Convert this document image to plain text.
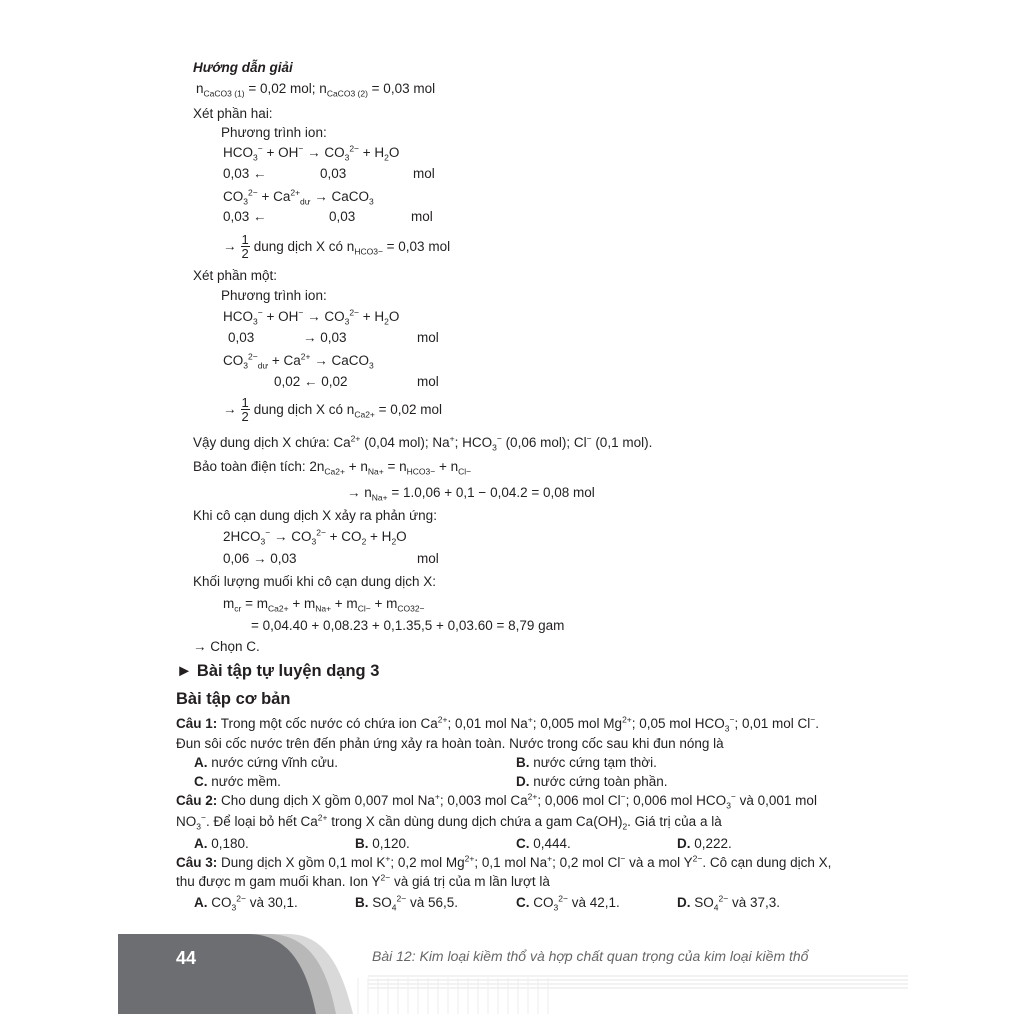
Hướng dẫn giải
$n_{CaCO3 (1)} = 0,02$ mol; $n_{CaCO3 (2)} = 0,03$ mol
Xét phần hai:
Phương trình ion:
$HCO_3^- + OH^- \to CO_3^{2-} + H_2O$
0,03 ←	0,03	mol
$CO_3^{2-} + Ca^{2+}_{dư}$ → CaCO$_3$
0,03 ←	0,03	mol
→ $\frac{1}{2}$ dung dịch X có $n_{HCO3-} = 0,03$ mol
Xét phần một:
Phương trình ion:
$HCO_3^- + OH^- \to CO_3^{2-} + H_2O$
0,03	→ 0,03	mol
$CO_3^{2-}_{dư} + Ca^{2+}$ → CaCO$_3$
0,02 ← 0,02	mol
→ $\frac{1}{2}$ dung dịch X có $n_{Ca2+} = 0,02$ mol
Vậy dung dịch X chứa: $Ca^{2+}$ (0,04 mol); Na+; $HCO_3^-$ (0,06 mol); Cl− (0,1 mol).
Bảo toàn điện tích: $2n_{Ca2+} + n_{Na+} = n_{HCO3-} + n_{Cl-}$
→ $n_{Na+} = 1.0,06 + 0,1 - 0,04.2 = 0,08$ mol
Khi cô cạn dung dịch X xảy ra phản ứng:
$2HCO_3^- \to CO_3^{2-} + CO_2 + H_2O$
0,06 → 0,03	mol
Khối lượng muối khi cô cạn dung dịch X:
$m_{cr} = m_{Ca2+} + m_{Na+} + m_{Cl-} + m_{CO32-}$
= 0,04.40 + 0,08.23 + 0,1.35,5 + 0,03.60 = 8,79 gam
→ Chọn C.
► Bài tập tự luyện dạng 3
Bài tập cơ bản
Câu 1: Trong một cốc nước có chứa ion $Ca^{2+}$; 0,01 mol Na+; 0,005 mol $Mg^{2+}$; 0,05 mol $HCO_3^-$; 0,01 mol Cl−.
Đun sôi cốc nước trên đến phản ứng xảy ra hoàn toàn. Nước trong cốc sau khi đun nóng là
A. nước cứng vĩnh cửu.	B. nước cứng tạm thời.
C. nước mềm.	D. nước cứng toàn phần.
Câu 2: Cho dung dịch X gồm 0,007 mol Na+; 0,003 mol $Ca^{2+}$; 0,006 mol Cl−; 0,006 mol $HCO_3^-$ và 0,001 mol
$NO_3^-$. Để loại bỏ hết $Ca^{2+}$ trong X cần dùng dung dịch chứa a gam $Ca(OH)_2$. Giá trị của a là
A. 0,180.	B. 0,120.	C. 0,444.	D. 0,222.
Câu 3: Dung dịch X gồm 0,1 mol K+; 0,2 mol $Mg^{2+}$; 0,1 mol Na+; 0,2 mol Cl− và a mol $Y^{2-}$. Cô cạn dung dịch X,
thu được m gam muối khan. Ion $Y^{2-}$ và giá trị của m lần lượt là
A. $CO_3^{2-}$ và 30,1.	B. $SO_4^{2-}$ và 56,5.	C. $CO_3^{2-}$ và 42,1.	D. $SO_4^{2-}$ và 37,3.
44	Bài 12: Kim loại kiềm thổ và hợp chất quan trọng của kim loại kiềm thổ
